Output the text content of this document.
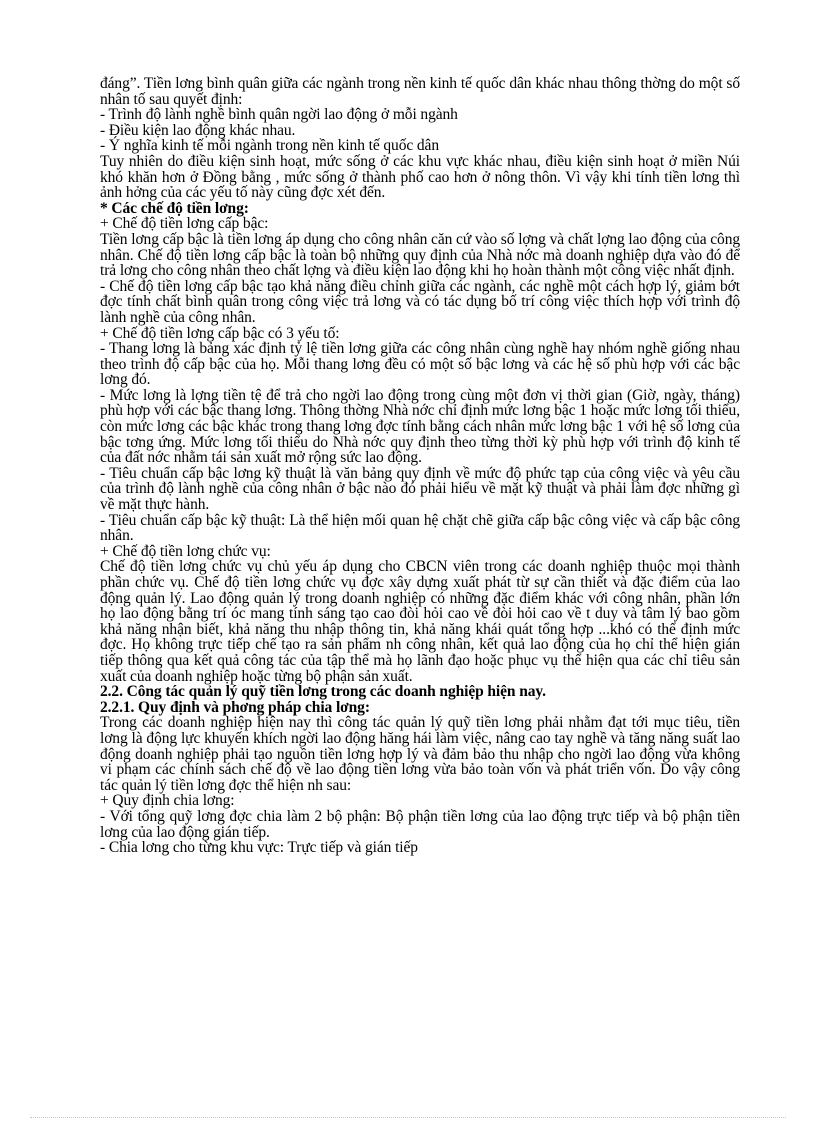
đáng”. Tiền lơng bình quân giữa các ngành trong nền kinh tế quốc dân khác nhau thông thờng do một số nhân tố sau quyết định:

- Trình độ lành nghề bình quân ngời lao động ở mỗi ngành

- Điều kiện lao động khác nhau.

- Ý nghĩa kinh tế mỗi ngành trong nền kinh tế quốc dân

Tuy nhiên do điều kiện sinh hoạt, mức sống ở các khu vực khác nhau, điều kiện sinh hoạt ở miền Núi khó khăn hơn ở Đồng bằng , mức sống ở thành phố cao hơn ở nông thôn. Vì vậy khi tính tiền lơng thì ảnh hởng của các yếu tố này cũng đợc xét đến.

* Các chế độ tiền lơng:

+ Chế độ tiền lơng cấp bậc:

Tiền lơng cấp bậc là tiền lơng áp dụng cho công nhân căn cứ vào số lợng và chất lợng lao động của công nhân. Chế độ tiền lơng cấp bậc là toàn bộ những quy định của Nhà nớc mà doanh nghiệp dựa vào đó để trả lơng cho công nhân theo chất lợng và điều kiện lao động khi họ hoàn thành một công việc nhất định.

- Chế độ tiền lơng cấp bậc tạo khả năng điều chỉnh giữa các ngành, các nghề một cách hợp lý, giảm bớt đợc tính chất bình quân trong công việc trả lơng và có tác dụng bố trí công việc thích hợp với trình độ lành nghề của công nhân.

+ Chế độ tiền lơng cấp bậc có 3 yếu tố:

- Thang lơng là bảng xác định tỷ lệ tiền lơng giữa các công nhân cùng nghề hay nhóm nghề giống nhau theo trình độ cấp bậc của họ. Mỗi thang lơng đều có một số bậc lơng và các hệ số phù hợp với các bậc lơng đó.

- Mức lơng là lợng tiền tệ để trả cho ngời lao động trong cùng một đơn vị thời gian (Giờ, ngày, tháng) phù hợp với các bậc thang lơng. Thông thờng Nhà nớc chỉ định mức lơng bậc 1 hoặc mức lơng tối thiểu, còn mức lơng các bậc khác trong thang lơng đợc tính bằng cách nhân mức lơng bậc 1 với hệ số lơng của bậc tơng ứng. Mức lơng tối thiểu do Nhà nớc quy định theo từng thời kỳ phù hợp với trình độ kinh tế của đất nớc nhằm tái sản xuất mở rộng sức lao động.

- Tiêu chuẩn cấp bậc lơng kỹ thuật là văn bảng quy định về mức độ phức tạp của công việc và yêu cầu của trình độ lành nghề của công nhân ở bậc nào đó phải hiểu về mặt kỹ thuật và phải làm đợc những gì về mặt thực hành.

- Tiêu chuẩn cấp bậc kỹ thuật: Là thể hiện mối quan hệ chặt chẽ giữa cấp bậc công việc và cấp bậc công nhân.

+ Chế độ tiền lơng chức vụ:

Chế độ tiền lơng chức vụ chủ yếu áp dụng cho CBCN viên trong các doanh nghiệp thuộc mọi thành phần chức vụ. Chế độ tiền lơng chức vụ đợc xây dựng xuất phát từ sự cần thiết và đặc điểm của lao động quản lý. Lao động quản lý trong doanh nghiệp có những đặc điểm khác với công nhân, phần lớn họ lao động bằng trí óc mang tính sáng tạo cao đòi hỏi cao về đòi hỏi cao về t duy và tâm lý bao gồm khả năng nhận biết, khả năng thu nhập thông tin, khả năng khái quát tổng hợp ...khó có thể định mức đợc. Họ không trực tiếp chế tạo ra sản phẩm nh công nhân, kết quả lao động của họ chỉ thể hiện gián tiếp thông qua kết quả công tác của tập thể mà họ lãnh đạo hoặc phục vụ thể hiện qua các chỉ tiêu sản xuất của doanh nghiệp hoặc từng bộ phận sản xuất.

2.2. Công tác quản lý quỹ tiền lơng trong các doanh nghiệp hiện nay.

2.2.1. Quy định và phơng pháp chia lơng:

Trong các doanh nghiệp hiện nay thì công tác quản lý quỹ tiền lơng phải nhằm đạt tới mục tiêu, tiền lơng là động lực khuyến khích ngời lao động hăng hái làm việc, nâng cao tay nghề và tăng năng suất lao động doanh nghiệp phải tạo nguồn tiền lơng hợp lý và đảm bảo thu nhập cho ngời lao động vừa không vi phạm các chính sách chế độ về lao động tiền lơng vừa bảo toàn vốn và phát triển vốn. Do vậy công tác quản lý tiền lơng đợc thể hiện nh sau:

+ Quy định chia lơng:

- Với tổng quỹ lơng đợc chia làm 2 bộ phận: Bộ phận tiền lơng của lao động trực tiếp và bộ phận tiền lơng của lao động gián tiếp.

- Chia lơng cho từng khu vực: Trực tiếp và gián tiếp
